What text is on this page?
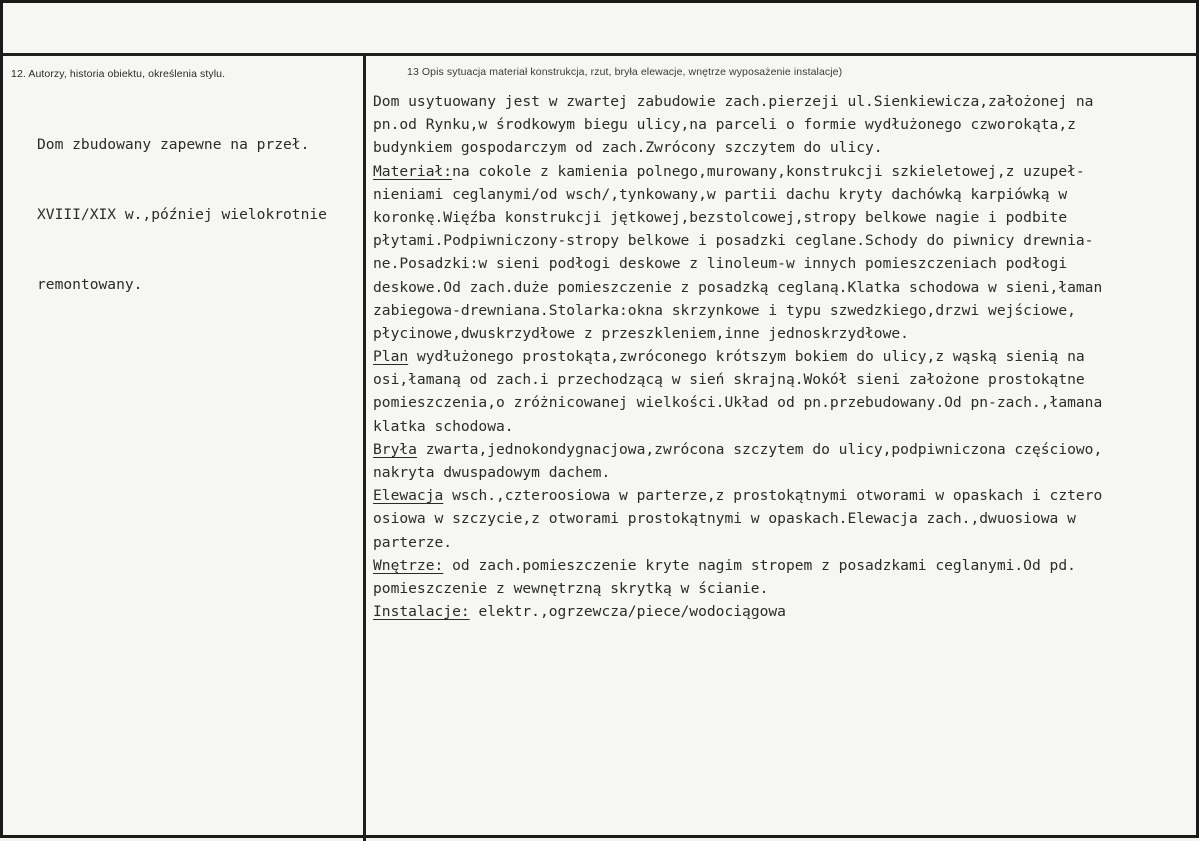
12. Autorzy, historia obiektu, określenia stylu.	13 Opis sytuacja materiał konstrukcja, rzut, bryła elewacje, wnętrze wyposażenie instalacje)

Dom zbudowany zapewne na przeł.

XVIII/XIX w.,później wielokrotnie

remontowany.

Dom usytuowany jest w zwartej zabudowie zach.pierzeji ul.Sienkiewicza,założonej na
pn.od Rynku,w środkowym biegu ulicy,na parceli o formie wydłużonego czworokąta,z
budynkiem gospodarczym od zach.Zwrócony szczytem do ulicy.
Materiał:na cokole z kamienia polnego,murowany,konstrukcji szkieletowej,z uzupeł-
nieniami ceglanymi/od wsch/,tynkowany,w partii dachu kryty dachówką karpiówką w
koronkę.Więźba konstrukcji jętkowej,bezstolcowej,stropy belkowe nagie i podbite
płytami.Podpiwniczony-stropy belkowe i posadzki ceglane.Schody do piwnicy drewnia-
ne.Posadzki:w sieni podłogi deskowe z linoleum-w innych pomieszczeniach podłogi
deskowe.Od zach.duże pomieszczenie z posadzką ceglaną.Klatka schodowa w sieni,łaman
zabiegowa-drewniana.Stolarka:okna skrzynkowe i typu szwedzkiego,drzwi wejściowe,
płycinowe,dwuskrzydłowe z przeszkleniem,inne jednoskrzydłowe.
Plan wydłużonego prostokąta,zwróconego krótszym bokiem do ulicy,z wąską sienią na
osi,łamaną od zach.i przechodzącą w sień skrajną.Wokół sieni założone prostokątne
pomieszczenia,o zróżnicowanej wielkości.Układ od pn.przebudowany.Od pn-zach.,łamana
klatka schodowa.
Bryła zwarta,jednokondygnacjowa,zwrócona szczytem do ulicy,podpiwniczona częściowo,
nakryta dwuspadowym dachem.
Elewacja wsch.,czteroosiowa w parterze,z prostokątnymi otworami w opaskach i cztero
osiowa w szczycie,z otworami prostokątnymi w opaskach.Elewacja zach.,dwuosiowa w
parterze.
Wnętrze: od zach.pomieszczenie kryte nagim stropem z posadzkami ceglanymi.Od pd.
pomieszczenie z wewnętrzną skrytką w ścianie.
Instalacje: elektr.,ogrzewcza/piece/wodociągowa
